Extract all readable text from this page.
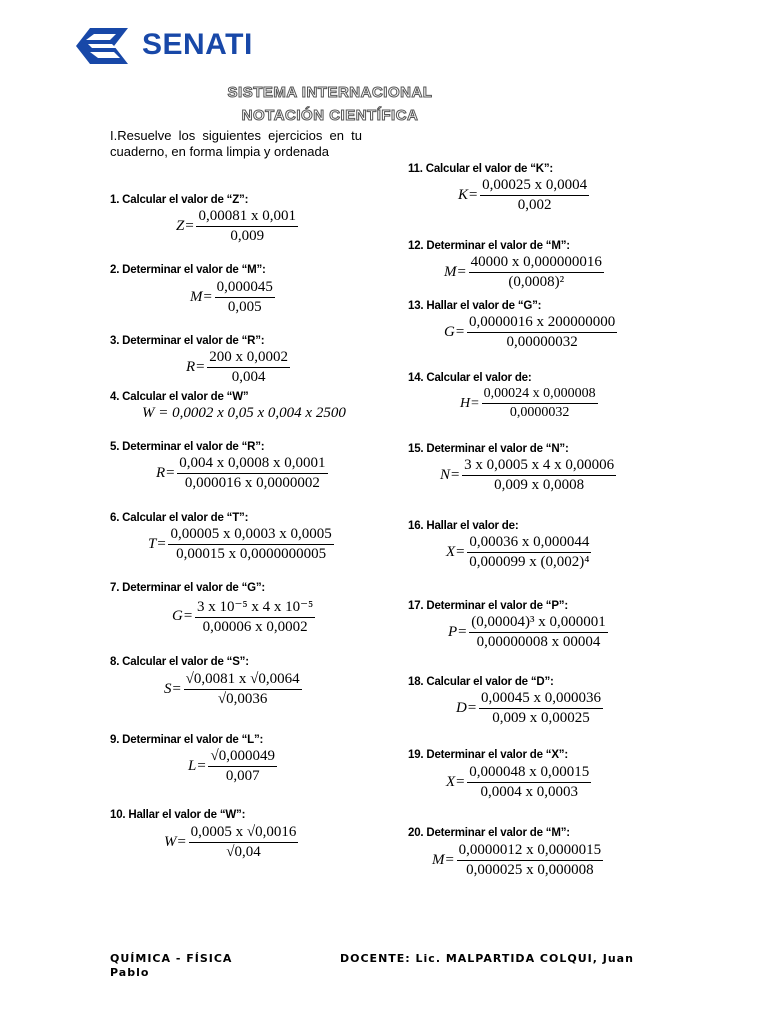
SENATI
SISTEMA INTERNACIONAL
NOTACIÓN CIENTÍFICA
I.Resuelve los siguientes ejercicios en tu cuaderno, en forma limpia y ordenada
1. Calcular el valor de “Z”:
$Z= \frac{0,00081 x 0,001}{0,009}$
2. Determinar el valor de “M”:
$M= \frac{0,000045}{0,005}$
3. Determinar el valor de “R”:
$R= \frac{200 x 0,0002}{0,004}$
4. Calcular el valor de “W”
W = 0,0002 x 0,05 x 0,004 x 2500
5. Determinar el valor de “R”:
$R= \frac{0,004 x 0,0008 x 0,0001}{0,000016 x 0,0000002}$
6. Calcular el valor de “T”:
$T= \frac{0,00005 x 0,0003 x 0,0005}{0,00015 x 0,0000000005}$
7. Determinar el valor de “G”:
$G= \frac{\text{3 x 10⁻⁵ x 4 x 10⁻⁵}}{0,00006 x 0,0002}$
8. Calcular el valor de “S”:
$S= \frac{√0,0081 x √0,0064}{√0,0036}$
9. Determinar el valor de “L”:
$L= \frac{√0,000049}{0,007}$
10. Hallar el valor de “W”:
$W= \frac{0,0005 x √0,0016}{√0,04}$
11. Calcular el valor de “K”:
$K= \frac{0,00025 x 0,0004}{0,002}$
12. Determinar el valor de “M”:
$M= \frac{40000 x 0,000000016}{\text{(0,0008)²}}$
13. Hallar el valor de “G”:
$G= \frac{0,0000016 x 200000000}{0,00000032}$
14. Calcular el valor de:
$H= \frac{0,00024 x 0,000008}{0,0000032}$
15. Determinar el valor de “N”:
$N= \frac{3 x 0,0005 x 4 x 0,00006}{0,009 x 0,0008}$
16. Hallar el valor de:
$X= \frac{0,00036 x 0,000044}{\text{0,000099 x (0,002)⁴}}$
17. Determinar el valor de “P”:
$P= \frac{\text{(0,00004)³ x 0,000001}}{0,00000008 x 00004}$
18. Calcular el valor de “D”:
$D= \frac{0,00045 x 0,000036}{0,009 x 0,00025}$
19. Determinar el valor de “X”:
$X= \frac{0,000048 x 0,00015}{0,0004 x 0,0003}$
20. Determinar el valor de “M”:
$M= \frac{0,0000012 x 0,0000015}{0,000025 x 0,000008}$
QUÍMICA - FÍSICA
Pablo
DOCENTE: Lic. MALPARTIDA COLQUI, Juan
